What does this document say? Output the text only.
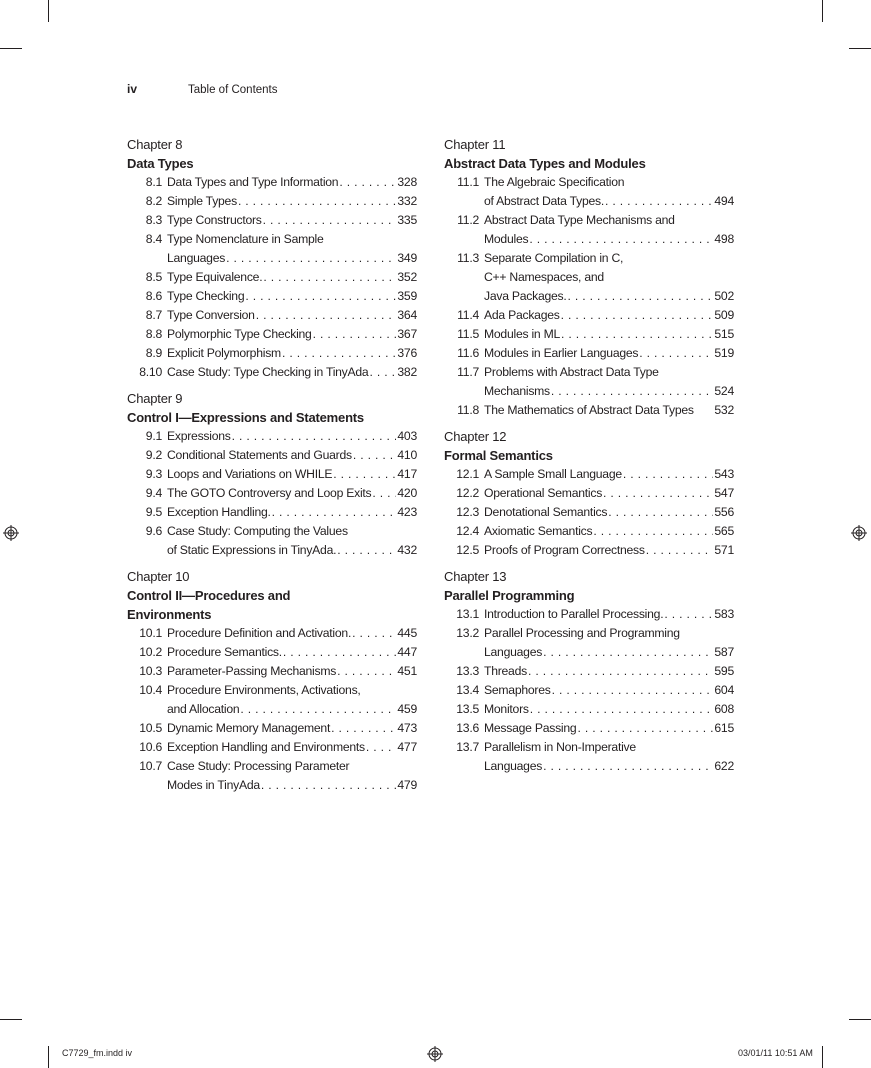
iv	Table of Contents
Chapter 8
Data Types
8.1 Data Types and Type Information . . .	328
8.2 Simple Types . . .	332
8.3 Type Constructors . . .	335
8.4 Type Nomenclature in Sample
Languages . . .	349
8.5 Type Equivalence. . . .	352
8.6 Type Checking . . .	359
8.7 Type Conversion . . .	364
8.8 Polymorphic Type Checking . . .	367
8.9 Explicit Polymorphism . . .	376
8.10 Case Study: Type Checking in TinyAda . . . 382
Chapter 9
Control I—Expressions and Statements
9.1 Expressions . . .	403
9.2 Conditional Statements and Guards . . .	410
9.3 Loops and Variations on WHILE . . .	417
9.4 The GOTO Controversy and Loop Exits . . . 420
9.5 Exception Handling. . . .	423
9.6 Case Study: Computing the Values
of Static Expressions in TinyAda. . . .	432
Chapter 10
Control II—Procedures and
Environments
10.1 Procedure Definition and Activation. . . .	445
10.2 Procedure Semantics. . . .	447
10.3 Parameter-Passing Mechanisms . . .	451
10.4 Procedure Environments, Activations,
and Allocation . . .	459
10.5 Dynamic Memory Management . . .	473
10.6 Exception Handling and Environments . . .	477
10.7 Case Study: Processing Parameter
Modes in TinyAda . . .	479
Chapter 11
Abstract Data Types and Modules
11.1 The Algebraic Specification
of Abstract Data Types. . . .	494
11.2 Abstract Data Type Mechanisms and
Modules . . .	498
11.3 Separate Compilation in C,
C++ Namespaces, and
Java Packages. . . .	502
11.4 Ada Packages . . .	509
11.5 Modules in ML . . .	515
11.6 Modules in Earlier Languages . . .	519
11.7 Problems with Abstract Data Type
Mechanisms . . .	524
11.8 The Mathematics of Abstract Data Types 532
Chapter 12
Formal Semantics
12.1 A Sample Small Language . . .	543
12.2 Operational Semantics . . .	547
12.3 Denotational Semantics . . .	556
12.4 Axiomatic Semantics . . .	565
12.5 Proofs of Program Correctness . . .	571
Chapter 13
Parallel Programming
13.1 Introduction to Parallel Processing. . . .	583
13.2 Parallel Processing and Programming
Languages . . .	587
13.3 Threads . . .	595
13.4 Semaphores . . .	604
13.5 Monitors . . .	608
13.6 Message Passing . . .	615
13.7 Parallelism in Non-Imperative
Languages . . .	622
C7729_fm.indd iv	03/01/11 10:51 AM
